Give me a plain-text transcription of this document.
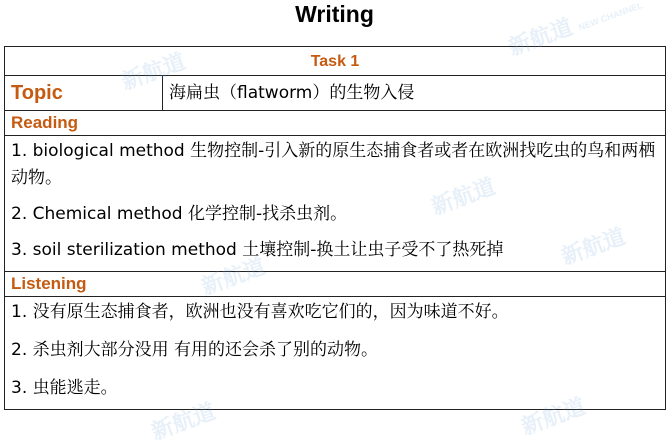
Writing
Task 1
Topic	海扁虫（flatworm）的生物入侵
Reading

1. biological method 生物控制-引入新的原生态捕食者或者在欧洲找吃虫的鸟和两栖动物。
2. Chemical method 化学控制-找杀虫剂。
3. soil sterilization method 土壤控制-换土让虫子受不了热死掉

Listening

1. 没有原生态捕食者，欧洲也没有喜欢吃它们的，因为味道不好。
2. 杀虫剂大部分没用 有用的还会杀了别的动物。
3. 虫能逃走。
新航道 NEW CHANNEL
新航道
新航道
新航道
新航道
新航道
新航道
